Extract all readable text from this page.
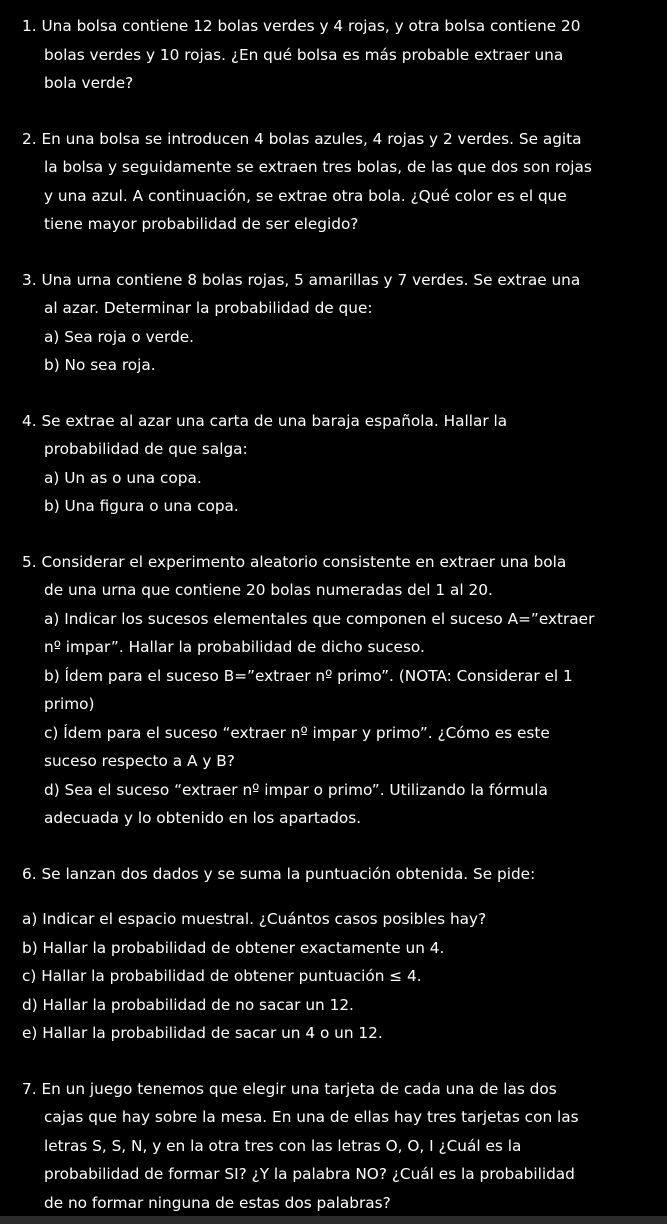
1. Una bolsa contiene 12 bolas verdes y 4 rojas, y otra bolsa contiene 20
bolas verdes y 10 rojas. ¿En qué bolsa es más probable extraer una
bola verde?
2. En una bolsa se introducen 4 bolas azules, 4 rojas y 2 verdes. Se agita
la bolsa y seguidamente se extraen tres bolas, de las que dos son rojas
y una azul. A continuación, se extrae otra bola. ¿Qué color es el que
tiene mayor probabilidad de ser elegido?
3. Una urna contiene 8 bolas rojas, 5 amarillas y 7 verdes. Se extrae una
al azar. Determinar la probabilidad de que:
a) Sea roja o verde.
b) No sea roja.
4. Se extrae al azar una carta de una baraja española. Hallar la
probabilidad de que salga:
a) Un as o una copa.
b) Una figura o una copa.
5. Considerar el experimento aleatorio consistente en extraer una bola
de una urna que contiene 20 bolas numeradas del 1 al 20.
a) Indicar los sucesos elementales que componen el suceso A=”extraer
nº impar”. Hallar la probabilidad de dicho suceso.
b) Ídem para el suceso B=”extraer nº primo”. (NOTA: Considerar el 1
primo)
c) Ídem para el suceso “extraer nº impar y primo”. ¿Cómo es este
suceso respecto a A y B?
d) Sea el suceso “extraer nº impar o primo”. Utilizando la fórmula
adecuada y lo obtenido en los apartados.
6. Se lanzan dos dados y se suma la puntuación obtenida. Se pide:
a) Indicar el espacio muestral. ¿Cuántos casos posibles hay?
b) Hallar la probabilidad de obtener exactamente un 4.
c) Hallar la probabilidad de obtener puntuación ≤ 4.
d) Hallar la probabilidad de no sacar un 12.
e) Hallar la probabilidad de sacar un 4 o un 12.
7. En un juego tenemos que elegir una tarjeta de cada una de las dos
cajas que hay sobre la mesa. En una de ellas hay tres tarjetas con las
letras S, S, N, y en la otra tres con las letras O, O, I ¿Cuál es la
probabilidad de formar SI? ¿Y la palabra NO? ¿Cuál es la probabilidad
de no formar ninguna de estas dos palabras?
